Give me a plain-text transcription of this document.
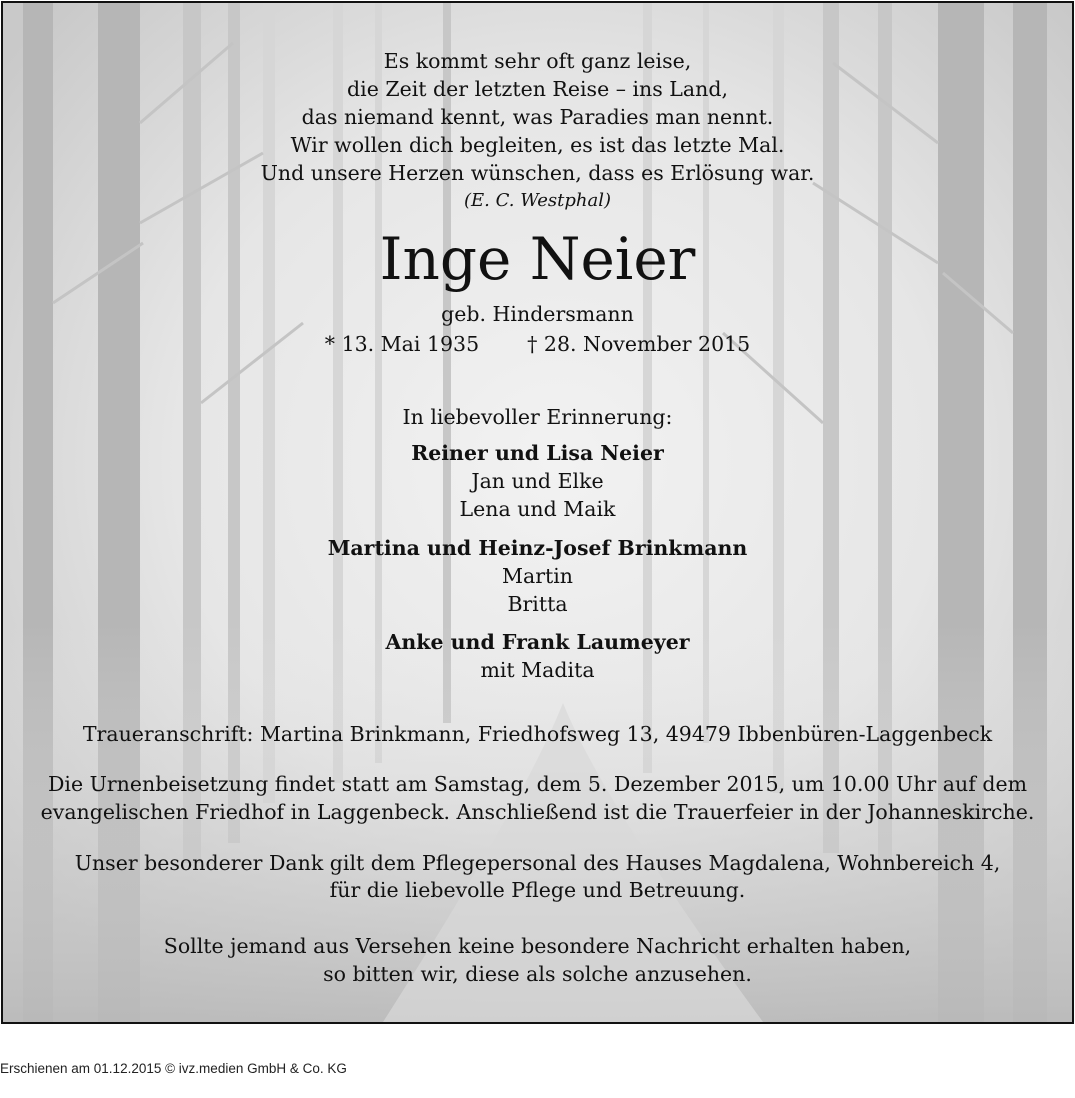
Es kommt sehr oft ganz leise,
die Zeit der letzten Reise – ins Land,
das niemand kennt, was Paradies man nennt.
Wir wollen dich begleiten, es ist das letzte Mal.
Und unsere Herzen wünschen, dass es Erlösung war.
(E. C. Westphal)
Inge Neier
geb. Hindersmann
* 13. Mai 1935 † 28. November 2015
In liebevoller Erinnerung:
Reiner und Lisa Neier
Jan und Elke
Lena und Maik
Martina und Heinz-Josef Brinkmann
Martin
Britta
Anke und Frank Laumeyer
mit Madita
Traueranschrift: Martina Brinkmann, Friedhofsweg 13, 49479 Ibbenbüren-Laggenbeck
Die Urnenbeisetzung findet statt am Samstag, dem 5. Dezember 2015, um 10.00 Uhr auf dem
evangelischen Friedhof in Laggenbeck. Anschließend ist die Trauerfeier in der Johanneskirche.
Unser besonderer Dank gilt dem Pflegepersonal des Hauses Magdalena, Wohnbereich 4,
für die liebevolle Pflege und Betreuung.
Sollte jemand aus Versehen keine besondere Nachricht erhalten haben,
so bitten wir, diese als solche anzusehen.
Erschienen am 01.12.2015 © ivz.medien GmbH & Co. KG
